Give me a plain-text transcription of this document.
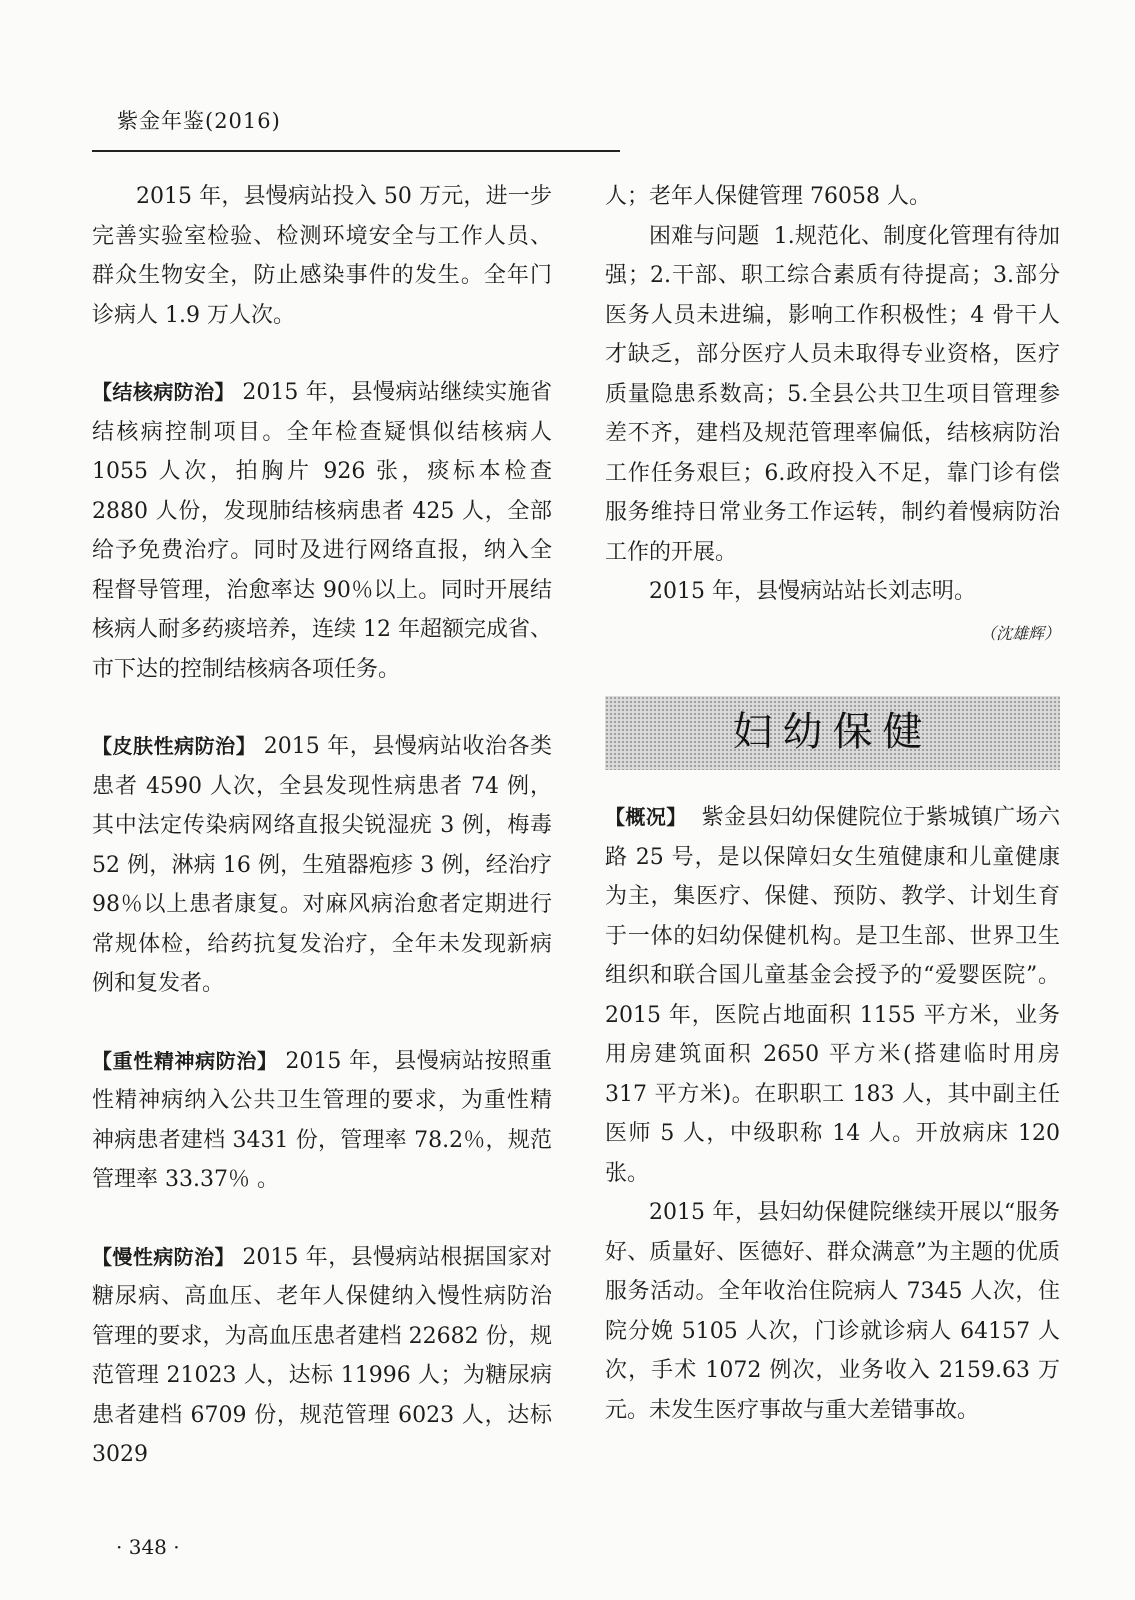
紫金年鉴(2016)

2015 年，县慢病站投入 50 万元，进一步完善实验室检验、检测环境安全与工作人员、群众生物安全，防止感染事件的发生。全年门诊病人 1.9 万人次。

【结核病防治】 2015 年，县慢病站继续实施省结核病控制项目。全年检查疑惧似结核病人 1055 人次，拍胸片 926 张，痰标本检查 2880 人份，发现肺结核病患者 425 人，全部给予免费治疗。同时及进行网络直报，纳入全程督导管理，治愈率达 90％以上。同时开展结核病人耐多药痰培养，连续 12 年超额完成省、市下达的控制结核病各项任务。

【皮肤性病防治】 2015 年，县慢病站收治各类患者 4590 人次，全县发现性病患者 74 例，其中法定传染病网络直报尖锐湿疣 3 例，梅毒 52 例，淋病 16 例，生殖器疱疹 3 例，经治疗 98％以上患者康复。对麻风病治愈者定期进行常规体检，给药抗复发治疗，全年未发现新病例和复发者。

【重性精神病防治】 2015 年，县慢病站按照重性精神病纳入公共卫生管理的要求，为重性精神病患者建档 3431 份，管理率 78.2％，规范管理率 33.37％ 。

【慢性病防治】 2015 年，县慢病站根据国家对糖尿病、高血压、老年人保健纳入慢性病防治管理的要求，为高血压患者建档 22682 份，规范管理 21023 人，达标 11996 人；为糖尿病患者建档 6709 份，规范管理 6023 人，达标 3029

人；老年人保健管理 76058 人。

困难与问题 1.规范化、制度化管理有待加强；2.干部、职工综合素质有待提高；3.部分医务人员未进编，影响工作积极性；4 骨干人才缺乏，部分医疗人员未取得专业资格，医疗质量隐患系数高；5.全县公共卫生项目管理参差不齐，建档及规范管理率偏低，结核病防治工作任务艰巨；6.政府投入不足，靠门诊有偿服务维持日常业务工作运转，制约着慢病防治工作的开展。

2015 年，县慢病站站长刘志明。

（沈雄辉）

妇幼保健

【概况】 紫金县妇幼保健院位于紫城镇广场六路 25 号，是以保障妇女生殖健康和儿童健康为主，集医疗、保健、预防、教学、计划生育于一体的妇幼保健机构。是卫生部、世界卫生组织和联合国儿童基金会授予的“爱婴医院”。2015 年，医院占地面积 1155 平方米，业务用房建筑面积 2650 平方米(搭建临时用房 317 平方米)。在职职工 183 人，其中副主任医师 5 人，中级职称 14 人。开放病床 120 张。

2015 年，县妇幼保健院继续开展以“服务好、质量好、医德好、群众满意”为主题的优质服务活动。全年收治住院病人 7345 人次，住院分娩 5105 人次，门诊就诊病人 64157 人次，手术 1072 例次，业务收入 2159.63 万元。未发生医疗事故与重大差错事故。

· 348 ·
